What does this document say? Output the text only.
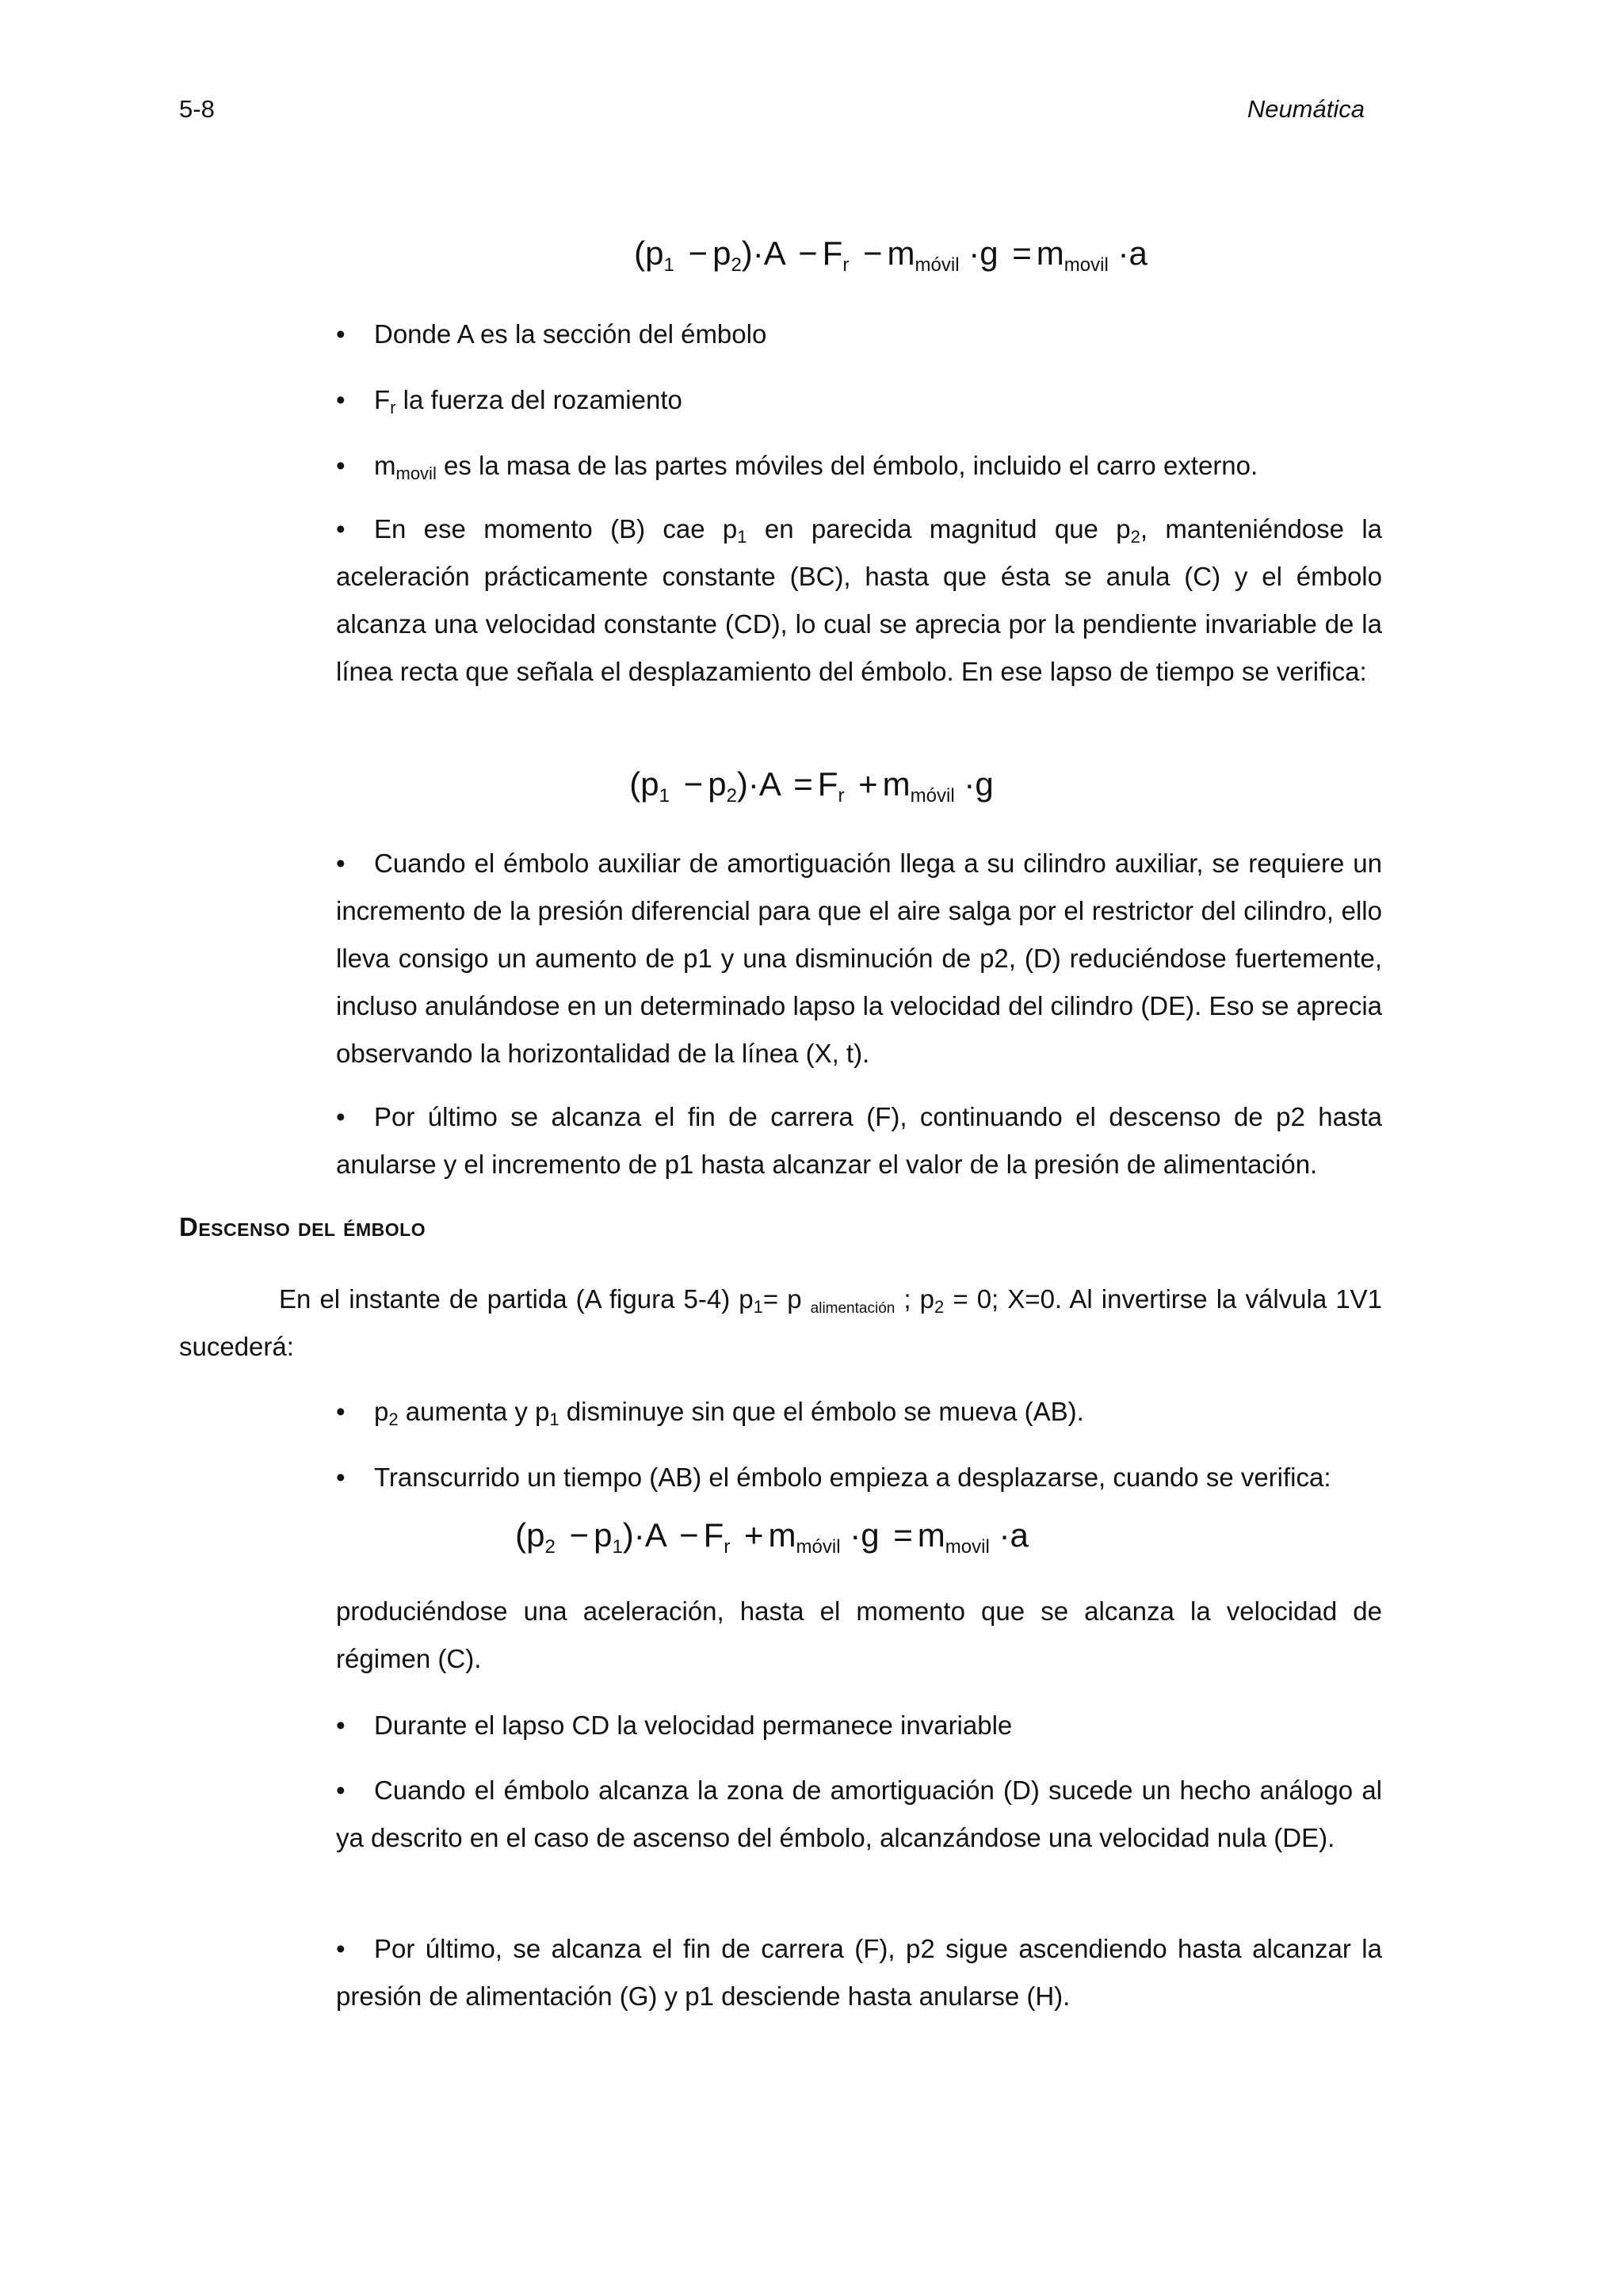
5-8	Neumática
$(p_1 - p_2)\cdot A - F_r - m_{móvil} \cdot g = m_{movil} \cdot a$
•	Donde A es la sección del émbolo
•	$F_r$ la fuerza del rozamiento
•	$m_{movil}$ es la masa de las partes móviles del émbolo, incluido el carro externo.
•	En ese momento (B) cae $p_1$ en parecida magnitud que $p_2$, manteniéndose la aceleración prácticamente constante (BC), hasta que ésta se anula (C) y el émbolo alcanza una velocidad constante (CD), lo cual se aprecia por la pendiente invariable de la línea recta que señala el desplazamiento del émbolo. En ese lapso de tiempo se verifica:
$(p_1 - p_2)\cdot A = F_r + m_{móvil} \cdot g$
•	Cuando el émbolo auxiliar de amortiguación llega a su cilindro auxiliar, se requiere un incremento de la presión diferencial para que el aire salga por el restrictor del cilindro, ello lleva consigo un aumento de p1 y una disminución de p2, (D) reduciéndose fuertemente, incluso anulándose en un determinado lapso la velocidad del cilindro (DE). Eso se aprecia observando la horizontalidad de la línea (X, t).
•	Por último se alcanza el fin de carrera (F), continuando el descenso de p2 hasta anularse y el incremento de p1 hasta alcanzar el valor de la presión de alimentación.
Descenso del émbolo
En el instante de partida (A figura 5-4) $p_1= p$ $_{alimentación}$ ; $p_2 = 0$; X=0. Al invertirse la válvula 1V1 sucederá:
•	$p_2$ aumenta y $p_1$ disminuye sin que el émbolo se mueva (AB).
•	Transcurrido un tiempo (AB) el émbolo empieza a desplazarse, cuando se verifica:
$(p_2 - p_1)\cdot A - F_r + m_{móvil} \cdot g = m_{movil} \cdot a$
produciéndose una aceleración, hasta el momento que se alcanza la velocidad de régimen (C).
•	Durante el lapso CD la velocidad permanece invariable
•	Cuando el émbolo alcanza la zona de amortiguación (D) sucede un hecho análogo al ya descrito en el caso de ascenso del émbolo, alcanzándose una velocidad nula (DE).
•	Por último, se alcanza el fin de carrera (F), p2 sigue ascendiendo hasta alcanzar la presión de alimentación (G) y p1 desciende hasta anularse (H).
